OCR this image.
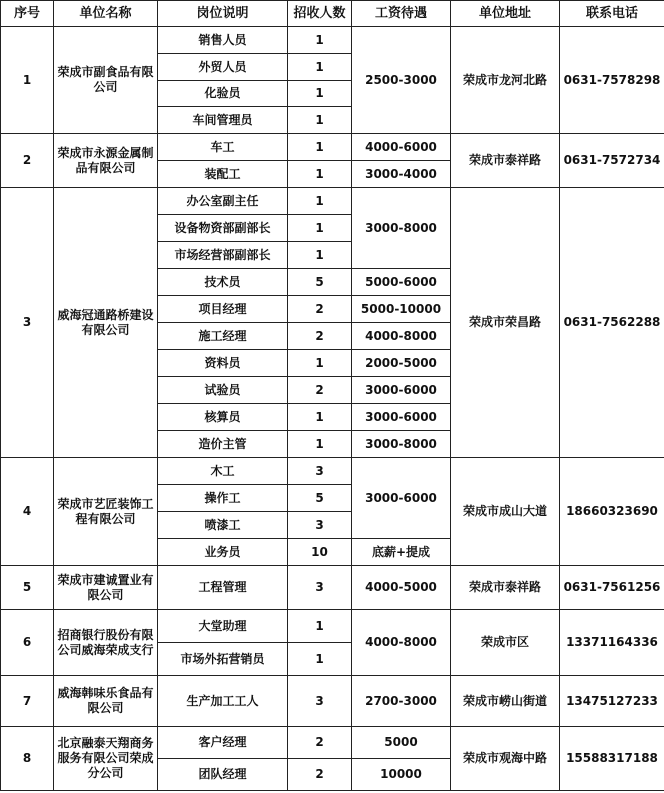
序号	单位名称	岗位说明	招收人数	工资待遇	单位地址	联系电话
1	荣成市副食品有限公司	销售人员	1	2500-3000	荣成市龙河北路	0631-7578298
		外贸人员	1			
		化验员	1			
		车间管理员	1			
2	荣成市永源金属制品有限公司	车工	1	4000-6000	荣成市泰祥路	0631-7572734
		装配工	1	3000-4000		
3	威海冠通路桥建设有限公司	办公室副主任	1	3000-8000	荣成市荣昌路	0631-7562288
		设备物资部副部长	1			
		市场经营部副部长	1			
		技术员	5	5000-6000		
		项目经理	2	5000-10000		
		施工经理	2	4000-8000		
		资料员	1	2000-5000		
		试验员	2	3000-6000		
		核算员	1	3000-6000		
		造价主管	1	3000-8000		
4	荣成市艺匠装饰工程有限公司	木工	3	3000-6000	荣成市成山大道	18660323690
		操作工	5			
		喷漆工	3			
		业务员	10	底薪+提成		
5	荣成市建诚置业有限公司	工程管理	3	4000-5000	荣成市泰祥路	0631-7561256
6	招商银行股份有限公司威海荣成支行	大堂助理	1	4000-8000	荣成市区	13371164336
		市场外拓营销员	1			
7	威海韩味乐食品有限公司	生产加工工人	3	2700-3000	荣成市崂山街道	13475127233
8	北京融泰天翔商务服务有限公司荣成分公司	客户经理	2	5000	荣成市观海中路	15588317188
		团队经理	2	10000		
